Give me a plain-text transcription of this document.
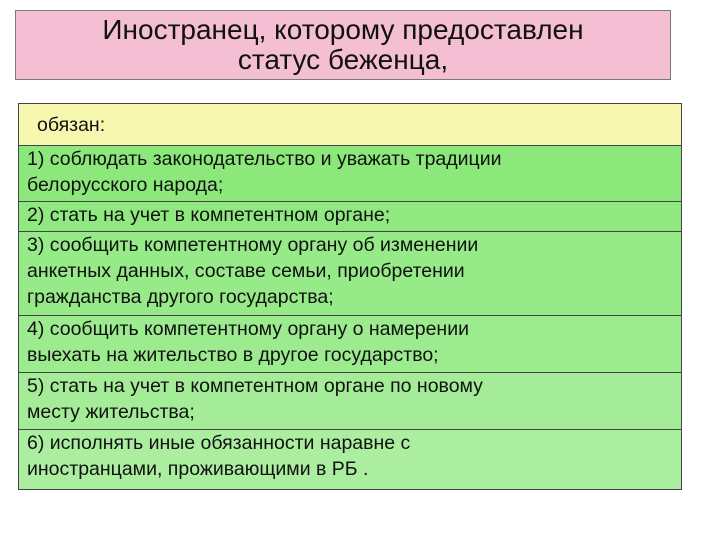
Иностранец, которому предоставлен
статус беженца,
обязан:
1) соблюдать законодательство и уважать традиции
белорусского народа;
2) стать на учет в компетентном органе;
3) сообщить компетентному органу об изменении
анкетных данных, составе семьи, приобретении
гражданства другого государства;
4) сообщить компетентному органу о намерении
выехать на жительство в другое государство;
5) стать на учет в компетентном органе по новому
месту жительства;
6) исполнять иные обязанности наравне с
иностранцами, проживающими в РБ .
